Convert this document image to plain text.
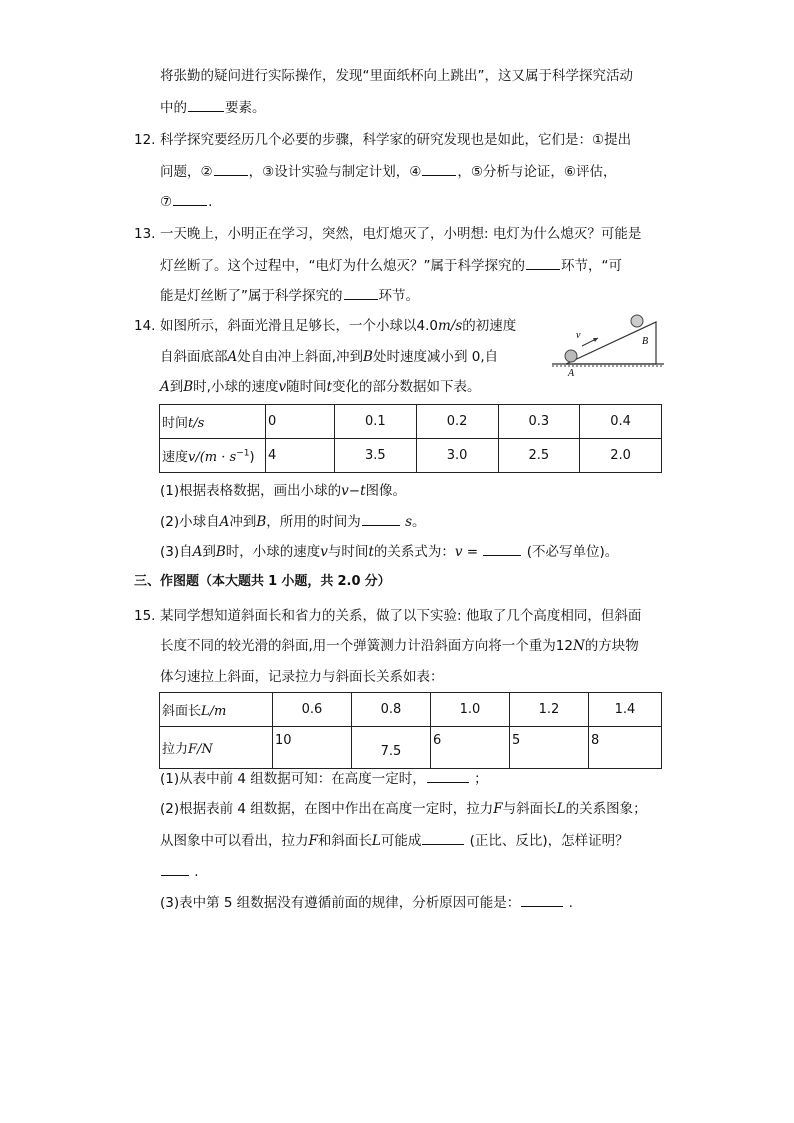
将张勤的疑问进行实际操作，发现“里面纸杯向上跳出”，这又属于科学探究活动
中的	要素。
12. 科学探究要经历几个必要的步骤，科学家的研究发现也是如此，它们是：①提出
问题，②	，③设计实验与制定计划，④	，⑤分析与论证，⑥评估，
⑦	.
13. 一天晚上，小明正在学习，突然，电灯熄灭了，小明想: 电灯为什么熄灭？可能是
灯丝断了。这个过程中，“电灯为什么熄灭？”属于科学探究的	环节，“可
能是灯丝断了”属于科学探究的	环节。
14. 如图所示，斜面光滑且足够长，一个小球以4.0m/s的初速度
自斜面底部A处自由冲上斜面,冲到B处时速度减小到 0,自
A到B时,小球的速度v随时间t变化的部分数据如下表。
v
A
B
时间t/s	0	0.1	0.2	0.3	0.4
速度$v/(m \cdot s^{-1})$	4	3.5	3.0	2.5	2.0
(1)根据表格数据，画出小球的v−t图像。
(2)小球自A冲到B，所用的时间为	s。
(3)自A到B时，小球的速度v与时间t的关系式为：v =	(不必写单位)。
三、作图题（本大题共 1 小题，共 2.0 分）
15. 某同学想知道斜面长和省力的关系，做了以下实验: 他取了几个高度相同，但斜面
长度不同的较光滑的斜面,用一个弹簧测力计沿斜面方向将一个重为12N的方块物
体匀速拉上斜面，记录拉力与斜面长关系如表：
斜面长L/m	0.6	0.8	1.0	1.2	1.4
拉力F/N	10	7.5	6	5	8
(1)从表中前 4 组数据可知：在高度一定时，	；
(2)根据表前 4 组数据，在图中作出在高度一定时，拉力F与斜面长L的关系图象；
从图象中可以看出，拉力F和斜面长L可能成	(正比、反比)，怎样证明？
.
(3)表中第 5 组数据没有遵循前面的规律，分析原因可能是：	.
